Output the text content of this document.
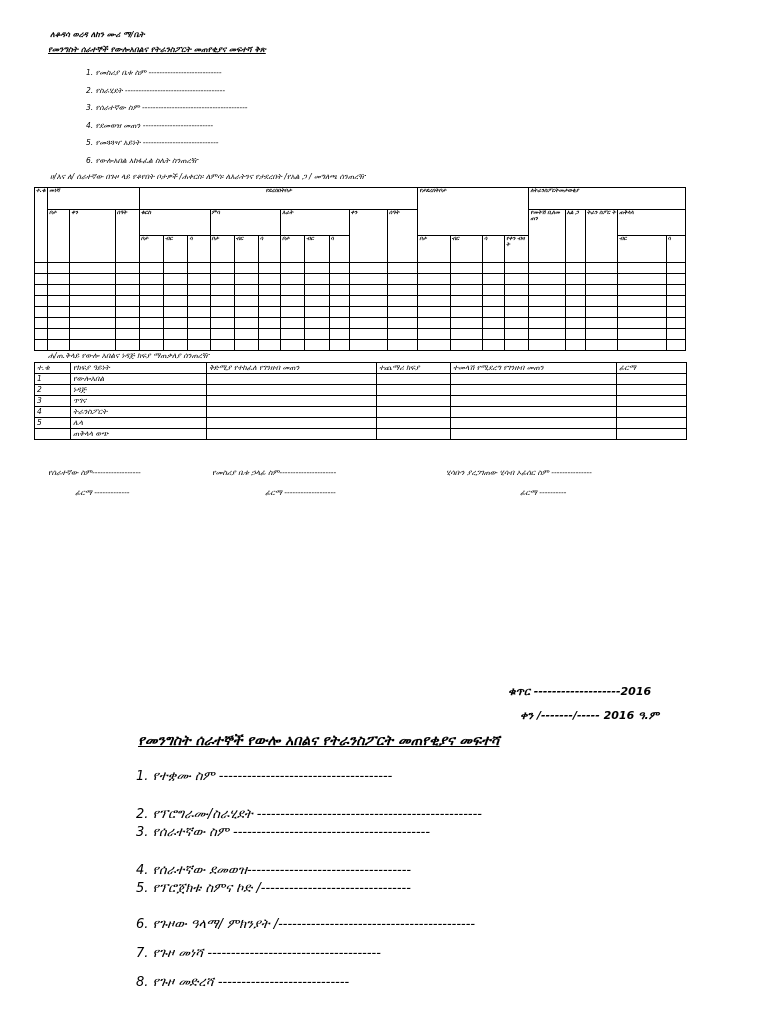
ለቆዳሳ ወረዳ ለከን ሙሪ ማ/ቤት
የመንግስት ሰራተኞች የውሎአበልና የትራንስፖርት መጠየቂያና መፍተሻ ቅጽ
1. የመስሪያ ቤቱ ስም ---------------------------
2. የስራሂደት -------------------------------------
3. የሰራተኛው ስም ---------------------------------------
4. የደመወዝ መጠን --------------------------
5. የመጓጓዣ አይነት ----------------------------
6. የውሎአበል አከፋፈል ስሌት ስንጠረዥ
ሀ/እና ለ/ ሰራተኛው በጉዞ ላይ የቆየበት ቦታዎች /ሐቀርስ፡ ለምሳ፡ ለእራትንና የታደረበት /የአል ጋ / መግለጫ ሰንጠረዥ
ተ.ቁ	መነሻ			የደረሰበትቦታ											የታደረበትቦታ				ለትራንስፖርትመታወቂያ				
	ቦታ	ቀን	ሰዓት	ቁርስ			ምሳ			እራት			ቀን	ሰዓት					የመትሽ ቢለመ ጠን	አል ጋ	ትራን ስፖር ት	ጠቅላላ	
				ቦታ	ብር	ሳ	ቦታ	ብር	ሳ	ቦታ	ብር	ሳ			ቦታ	ብር	ሳ	የቀን ብዛ ት				ብር	ሳ

ሐ/ጠ.ቅላይ የውሎ አበልና ነዳጅ ክፍያ ማጠቃለያ ሰንጠረዥ
ተ.ቁ	የክፍያ ዓይነት	ቅድሚያ የተከፈለ የገንዘብ መጠን	ተጨማሪ ክፍያ	ተመላሽ የሚደረግ የገንዘብ መጠን	ፊርማ
1	የውሎአበል				
2	ነዳጅ				
3	ጥገና				
4	ትራንስፖርት				
5	ሌላ				
	ጠቅላላ ወጭ				
የሰራተኛው ስም------------------	የመስሪያ ቤቱ ኃላፊ ስም---------------------	ሂሳቡን ያረጋገጠው ሂሳብ ኦፊሰር ስም ---------------
ፊርማ -------------	ፊርማ -------------------	ፊርማ ----------
ቁጥር -------------------2016
ቀን /-------/----- 2016 ዓ.ም
የመንግስት ሰራተኞች የውሎ አበልና የትራንስፖርት መጠየቂያና መፍተሻ
1. የተቋሙ ስም -------------------------------------
2. የፕሮግራሙ/ስራሂደት ------------------------------------------------
3. የሰራተኛው ስም ------------------------------------------
4. የሰራተኛው ደመወዝ-----------------------------------
5. የፕሮጀክቱ ስምና ኮድ /--------------------------------
6. የጉዞው ዓላማ/ ምክንያት /------------------------------------------
7. የጉዞ መነሻ -------------------------------------
8. የጉዞ መድረሻ ----------------------------
